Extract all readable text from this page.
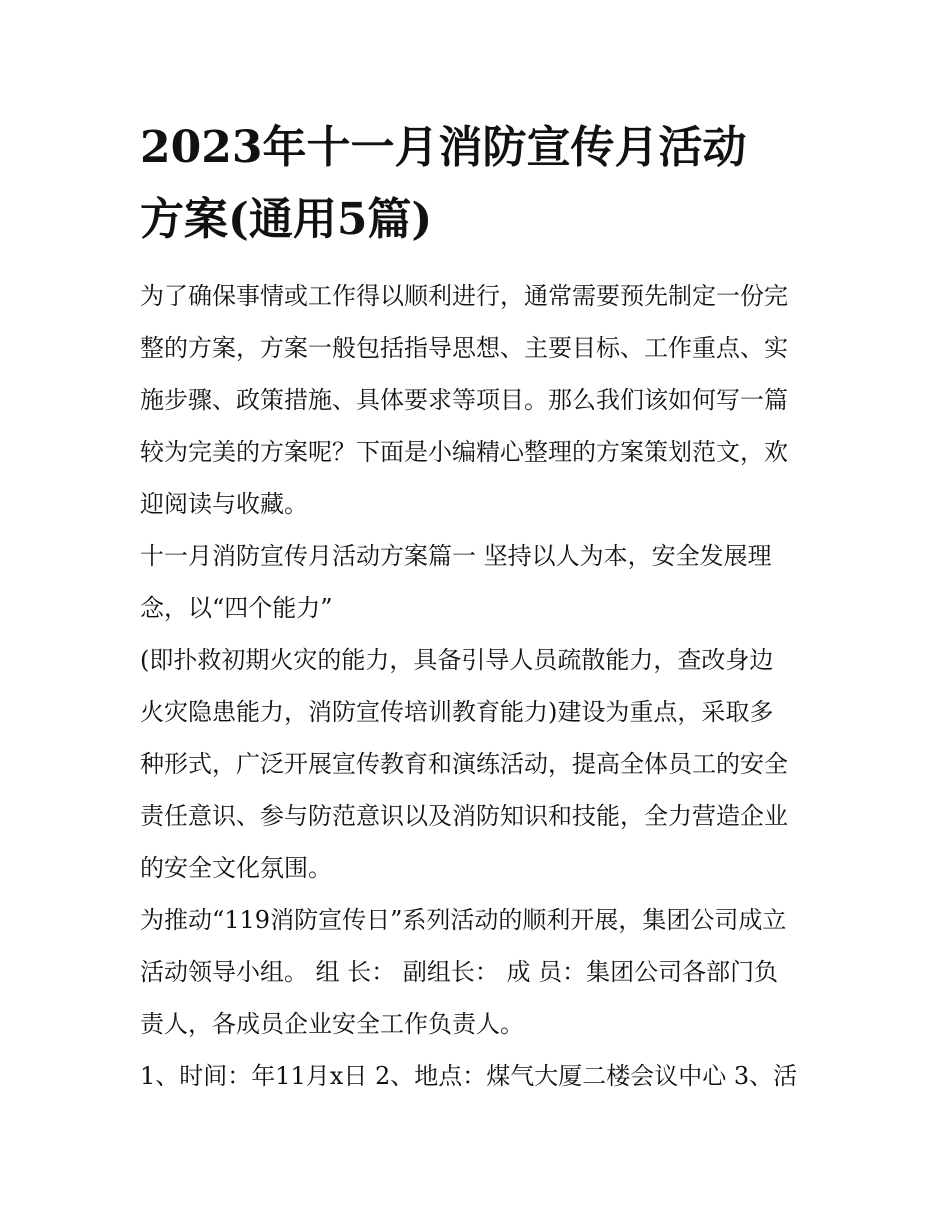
2023年十一月消防宣传月活动
方案(通用5篇)

为了确保事情或工作得以顺利进行，通常需要预先制定一份完
整的方案，方案一般包括指导思想、主要目标、工作重点、实
施步骤、政策措施、具体要求等项目。那么我们该如何写一篇
较为完美的方案呢？下面是小编精心整理的方案策划范文，欢
迎阅读与收藏。

十一月消防宣传月活动方案篇一 坚持以人为本，安全发展理
念，以“四个能力”

(即扑救初期火灾的能力，具备引导人员疏散能力，查改身边
火灾隐患能力，消防宣传培训教育能力)建设为重点，采取多
种形式，广泛开展宣传教育和演练活动，提高全体员工的安全
责任意识、参与防范意识以及消防知识和技能，全力营造企业
的安全文化氛围。

为推动“119消防宣传日”系列活动的顺利开展，集团公司成立
活动领导小组。 组 长： 副组长： 成 员：集团公司各部门负
责人，各成员企业安全工作负责人。

1、时间：年11月x日 2、地点：煤气大厦二楼会议中心 3、活
